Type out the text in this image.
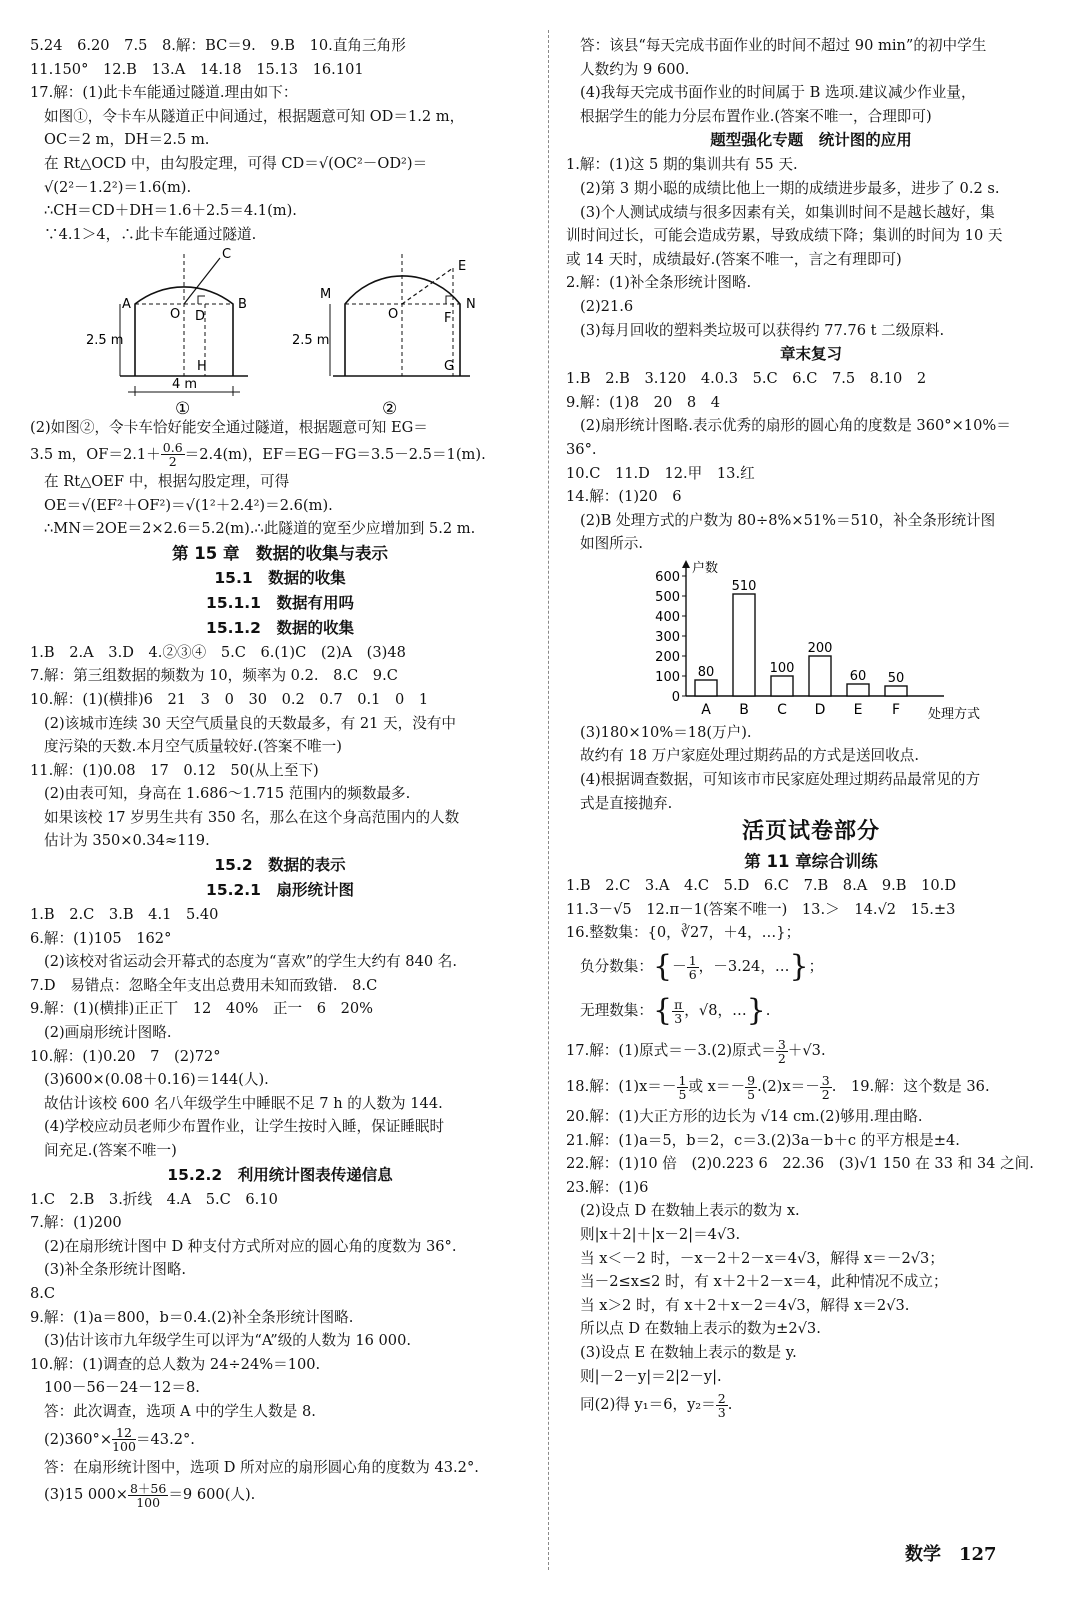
5.24　6.20　7.5　8.解：BC＝9.　9.B　10.直角三角形
11.150°　12.B　13.A　14.18　15.13　16.101
17.解：(1)此卡车能通过隧道.理由如下：
如图①，令卡车从隧道正中间通过，根据题意可知 OD＝1.2 m，
OC＝2 m，DH＝2.5 m.
在 Rt△OCD 中，由勾股定理，可得 CD＝√(OC²－OD²)＝
√(2²－1.2²)＝1.6(m).
∴CH＝CD＋DH＝1.6＋2.5＝4.1(m).
∵4.1＞4，∴此卡车能通过隧道.
C
A
O D
B
2.5 m
H
4 m
①
E
M
O
N
F
2.5 m
G
②
(2)如图②，令卡车恰好能安全通过隧道，根据题意可知 EG＝
3.5 m，$OF=2.1+ \frac{0.6}{2} =2.4(m)$，EF＝EG－FG＝3.5－2.5＝1(m).
在 Rt△OEF 中，根据勾股定理，可得
OE＝√(EF²＋OF²)＝√(1²＋2.4²)＝2.6(m).
∴MN＝2OE＝2×2.6＝5.2(m).∴此隧道的宽至少应增加到 5.2 m.
第 15 章　数据的收集与表示
15.1　数据的收集
15.1.1　数据有用吗
15.1.2　数据的收集
1.B　2.A　3.D　4.②③④　5.C　6.(1)C　(2)A　(3)48
7.解：第三组数据的频数为 10，频率为 0.2.　8.C　9.C
10.解：(1)(横排)6　21　3　0　30　0.2　0.7　0.1　0　1
(2)该城市连续 30 天空气质量良的天数最多，有 21 天，没有中
度污染的天数.本月空气质量较好.(答案不唯一)
11.解：(1)0.08　17　0.12　50(从上至下)
(2)由表可知，身高在 1.686～1.715 范围内的频数最多.
如果该校 17 岁男生共有 350 名，那么在这个身高范围内的人数
估计为 350×0.34≈119.
15.2　数据的表示
15.2.1　扇形统计图
1.B　2.C　3.B　4.1　5.40
6.解：(1)105　162°
(2)该校对省运动会开幕式的态度为“喜欢”的学生大约有 840 名.
7.D　易错点：忽略全年支出总费用未知而致错.　8.C
9.解：(1)(横排)正正丅　12　40%　正一　6　20%
(2)画扇形统计图略.
10.解：(1)0.20　7　(2)72°
(3)600×(0.08＋0.16)＝144(人).
故估计该校 600 名八年级学生中睡眠不足 7 h 的人数为 144.
(4)学校应动员老师少布置作业，让学生按时入睡，保证睡眠时
间充足.(答案不唯一)
15.2.2　利用统计图表传递信息
1.C　2.B　3.折线　4.A　5.C　6.10
7.解：(1)200
(2)在扇形统计图中 D 种支付方式所对应的圆心角的度数为 36°.
(3)补全条形统计图略.
8.C
9.解：(1)a＝800，b＝0.4.(2)补全条形统计图略.
(3)估计该市九年级学生可以评为“A”级的人数为 16 000.
10.解：(1)调查的总人数为 24÷24%＝100.
100－56－24－12＝8.
答：此次调查，选项 A 中的学生人数是 8.
$(2)360^\circ\times \frac{12}{100} =43.2^\circ$.
答：在扇形统计图中，选项 D 所对应的扇形圆心角的度数为 43.2°.
(3)15 $000\times \frac{8+56}{100} =9$ 600(人).
答：该县“每天完成书面作业的时间不超过 90 min”的初中学生
人数约为 9 600.
(4)我每天完成书面作业的时间属于 B 选项.建议减少作业量，
根据学生的能力分层布置作业.(答案不唯一，合理即可)
题型强化专题　统计图的应用
1.解：(1)这 5 期的集训共有 55 天.
(2)第 3 期小聪的成绩比他上一期的成绩进步最多，进步了 0.2 s.
(3)个人测试成绩与很多因素有关，如集训时间不是越长越好，集
训时间过长，可能会造成劳累，导致成绩下降；集训的时间为 10 天
或 14 天时，成绩最好.(答案不唯一，言之有理即可)
2.解：(1)补全条形统计图略.
(2)21.6
(3)每月回收的塑料类垃圾可以获得约 77.76 t 二级原料.
章末复习
1.B　2.B　3.120　4.0.3　5.C　6.C　7.5　8.10　2
9.解：(1)8　20　8　4
(2)扇形统计图略.表示优秀的扇形的圆心角的度数是 360°×10%＝
36°.
10.C　11.D　12.甲　13.红
14.解：(1)20　6
(2)B 处理方式的户数为 80÷8%×51%＝510，补全条形统计图
如图所示.
户数
处理方式
0
100
200
300
400
500
600
80
A
510
B
100
C
200
D
60
E
50
F
(3)180×10%＝18(万户).
故约有 18 万户家庭处理过期药品的方式是送回收点.
(4)根据调查数据，可知该市市民家庭处理过期药品最常见的方
式是直接抛弃.
活页试卷部分
第 11 章综合训练
1.B　2.C　3.A　4.C　5.D　6.C　7.B　8.A　9.B　10.D
11.3－√5　12.π－1(答案不唯一)　13.＞　14.√2　15.±3
16.整数集：{0，∛27，＋4，…}；
负分数集：{－ $\frac{1}{6}$ ，－3.24，…}；
无理数集：{ $\frac{\pi}{3}$ ，√8，…}.
17.解：(1)原式＝－3.(2)原式＝ $\frac{3}{2} +√3$.
18.解：$(1)x=- \frac{1}{5}$ 或 $x=- \frac{9}{5} .(2)x=- \frac{3}{2}$ .　19.解：这个数是 36.
20.解：(1)大正方形的边长为 √14 cm.(2)够用.理由略.
21.解：(1)a＝5，b＝2，c＝3.(2)3a－b＋c 的平方根是±4.
22.解：(1)10 倍　(2)0.223 6　22.36　(3)√1 150 在 33 和 34 之间.
23.解：(1)6
(2)设点 D 在数轴上表示的数为 x.
则|x＋2|＋|x－2|＝4√3.
当 x＜－2 时，－x－2＋2－x＝4√3，解得 x＝－2√3；
当－2≤x≤2 时，有 x＋2＋2－x＝4，此种情况不成立；
当 x＞2 时，有 x＋2＋x－2＝4√3，解得 x＝2√3.
所以点 D 在数轴上表示的数为±2√3.
(3)设点 E 在数轴上表示的数是 y.
则|－2－y|＝2|2－y|.
同(2)得 y₁＝6，$y_2= \frac{2}{3}$ .
数学　127
